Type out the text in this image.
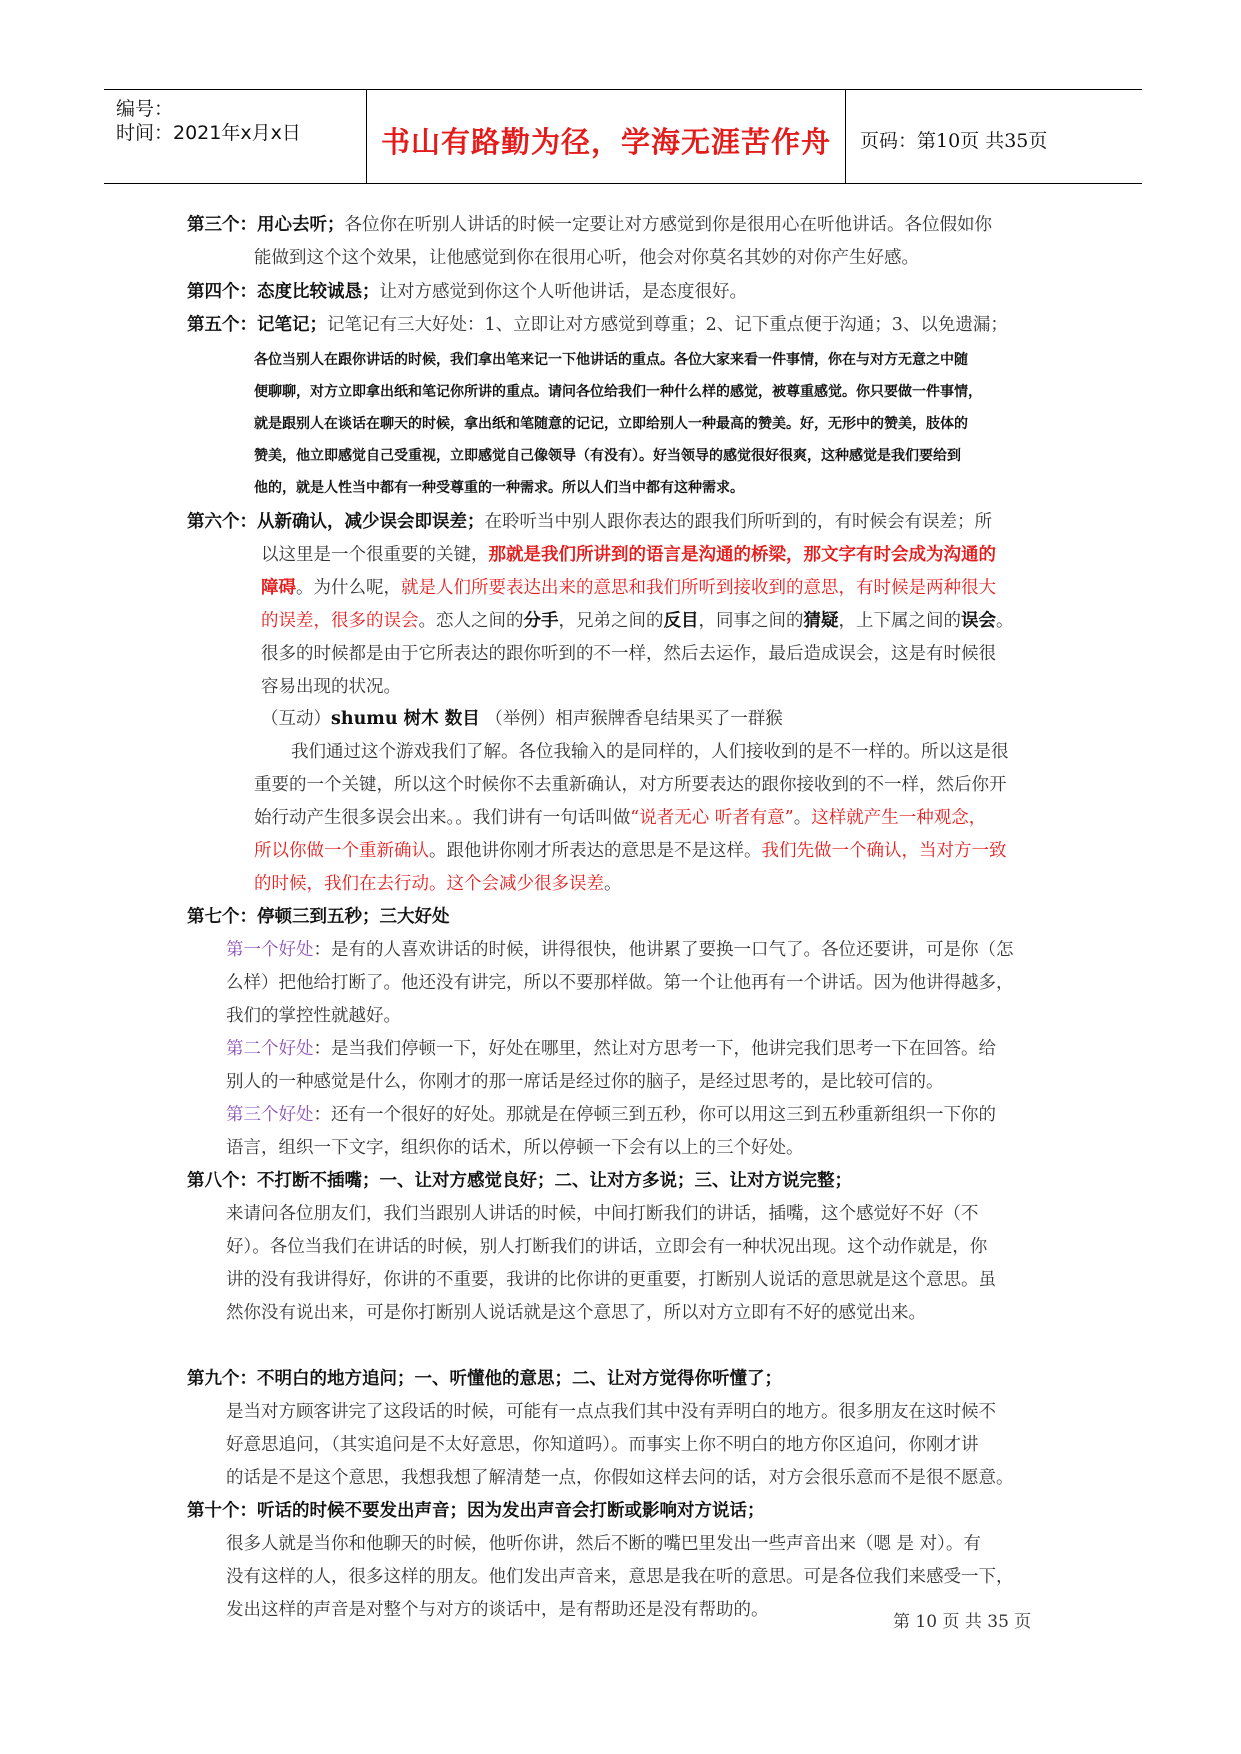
编号：
时间：2021年x月x日	书山有路勤为径，学海无涯苦作舟	页码：第10页 共35页
第三个：用心去听；各位你在听别人讲话的时候一定要让对方感觉到你是很用心在听他讲话。各位假如你
能做到这个这个效果，让他感觉到你在很用心听，他会对你莫名其妙的对你产生好感。
第四个：态度比较诚恳；让对方感觉到你这个人听他讲话，是态度很好。
第五个：记笔记；记笔记有三大好处：1、立即让对方感觉到尊重；2、记下重点便于沟通；3、以免遗漏；
各位当别人在跟你讲话的时候，我们拿出笔来记一下他讲话的重点。各位大家来看一件事情，你在与对方无意之中随
便聊聊，对方立即拿出纸和笔记你所讲的重点。请问各位给我们一种什么样的感觉，被尊重感觉。你只要做一件事情，
就是跟别人在谈话在聊天的时候，拿出纸和笔随意的记记，立即给别人一种最高的赞美。好，无形中的赞美，肢体的
赞美，他立即感觉自己受重视，立即感觉自己像领导（有没有）。好当领导的感觉很好很爽，这种感觉是我们要给到
他的，就是人性当中都有一种受尊重的一种需求。所以人们当中都有这种需求。
第六个：从新确认，减少误会即误差；在聆听当中别人跟你表达的跟我们所听到的，有时候会有误差；所
以这里是一个很重要的关键，那就是我们所讲到的语言是沟通的桥梁，那文字有时会成为沟通的
障碍。为什么呢，就是人们所要表达出来的意思和我们所听到接收到的意思，有时候是两种很大
的误差，很多的误会。恋人之间的分手，兄弟之间的反目，同事之间的猜疑，上下属之间的误会。
很多的时候都是由于它所表达的跟你听到的不一样，然后去运作，最后造成误会，这是有时候很
容易出现的状况。
（互动）shumu 树木 数目 （举例）相声猴牌香皂结果买了一群猴
我们通过这个游戏我们了解。各位我输入的是同样的，人们接收到的是不一样的。所以这是很
重要的一个关键，所以这个时候你不去重新确认，对方所要表达的跟你接收到的不一样，然后你开
始行动产生很多误会出来。。我们讲有一句话叫做“说者无心 听者有意”。这样就产生一种观念，
所以你做一个重新确认。跟他讲你刚才所表达的意思是不是这样。我们先做一个确认，当对方一致
的时候，我们在去行动。这个会减少很多误差。
第七个：停顿三到五秒；三大好处
第一个好处：是有的人喜欢讲话的时候，讲得很快，他讲累了要换一口气了。各位还要讲，可是你（怎
么样）把他给打断了。他还没有讲完，所以不要那样做。第一个让他再有一个讲话。因为他讲得越多，
我们的掌控性就越好。
第二个好处：是当我们停顿一下，好处在哪里，然让对方思考一下，他讲完我们思考一下在回答。给
别人的一种感觉是什么，你刚才的那一席话是经过你的脑子，是经过思考的，是比较可信的。
第三个好处：还有一个很好的好处。那就是在停顿三到五秒，你可以用这三到五秒重新组织一下你的
语言，组织一下文字，组织你的话术，所以停顿一下会有以上的三个好处。
第八个：不打断不插嘴；一、让对方感觉良好；二、让对方多说；三、让对方说完整；
来请问各位朋友们，我们当跟别人讲话的时候，中间打断我们的讲话，插嘴，这个感觉好不好（不
好）。各位当我们在讲话的时候，别人打断我们的讲话，立即会有一种状况出现。这个动作就是，你
讲的没有我讲得好，你讲的不重要，我讲的比你讲的更重要，打断别人说话的意思就是这个意思。虽
然你没有说出来，可是你打断别人说话就是这个意思了，所以对方立即有不好的感觉出来。
第九个：不明白的地方追问；一、听懂他的意思；二、让对方觉得你听懂了；
是当对方顾客讲完了这段话的时候，可能有一点点我们其中没有弄明白的地方。很多朋友在这时候不
好意思追问，（其实追问是不太好意思，你知道吗）。而事实上你不明白的地方你区追问，你刚才讲
的话是不是这个意思，我想我想了解清楚一点，你假如这样去问的话，对方会很乐意而不是很不愿意。
第十个：听话的时候不要发出声音；因为发出声音会打断或影响对方说话；
很多人就是当你和他聊天的时候，他听你讲，然后不断的嘴巴里发出一些声音出来（嗯 是 对）。有
没有这样的人，很多这样的朋友。他们发出声音来，意思是我在听的意思。可是各位我们来感受一下，
发出这样的声音是对整个与对方的谈话中，是有帮助还是没有帮助的。
第 10 页 共 35 页
